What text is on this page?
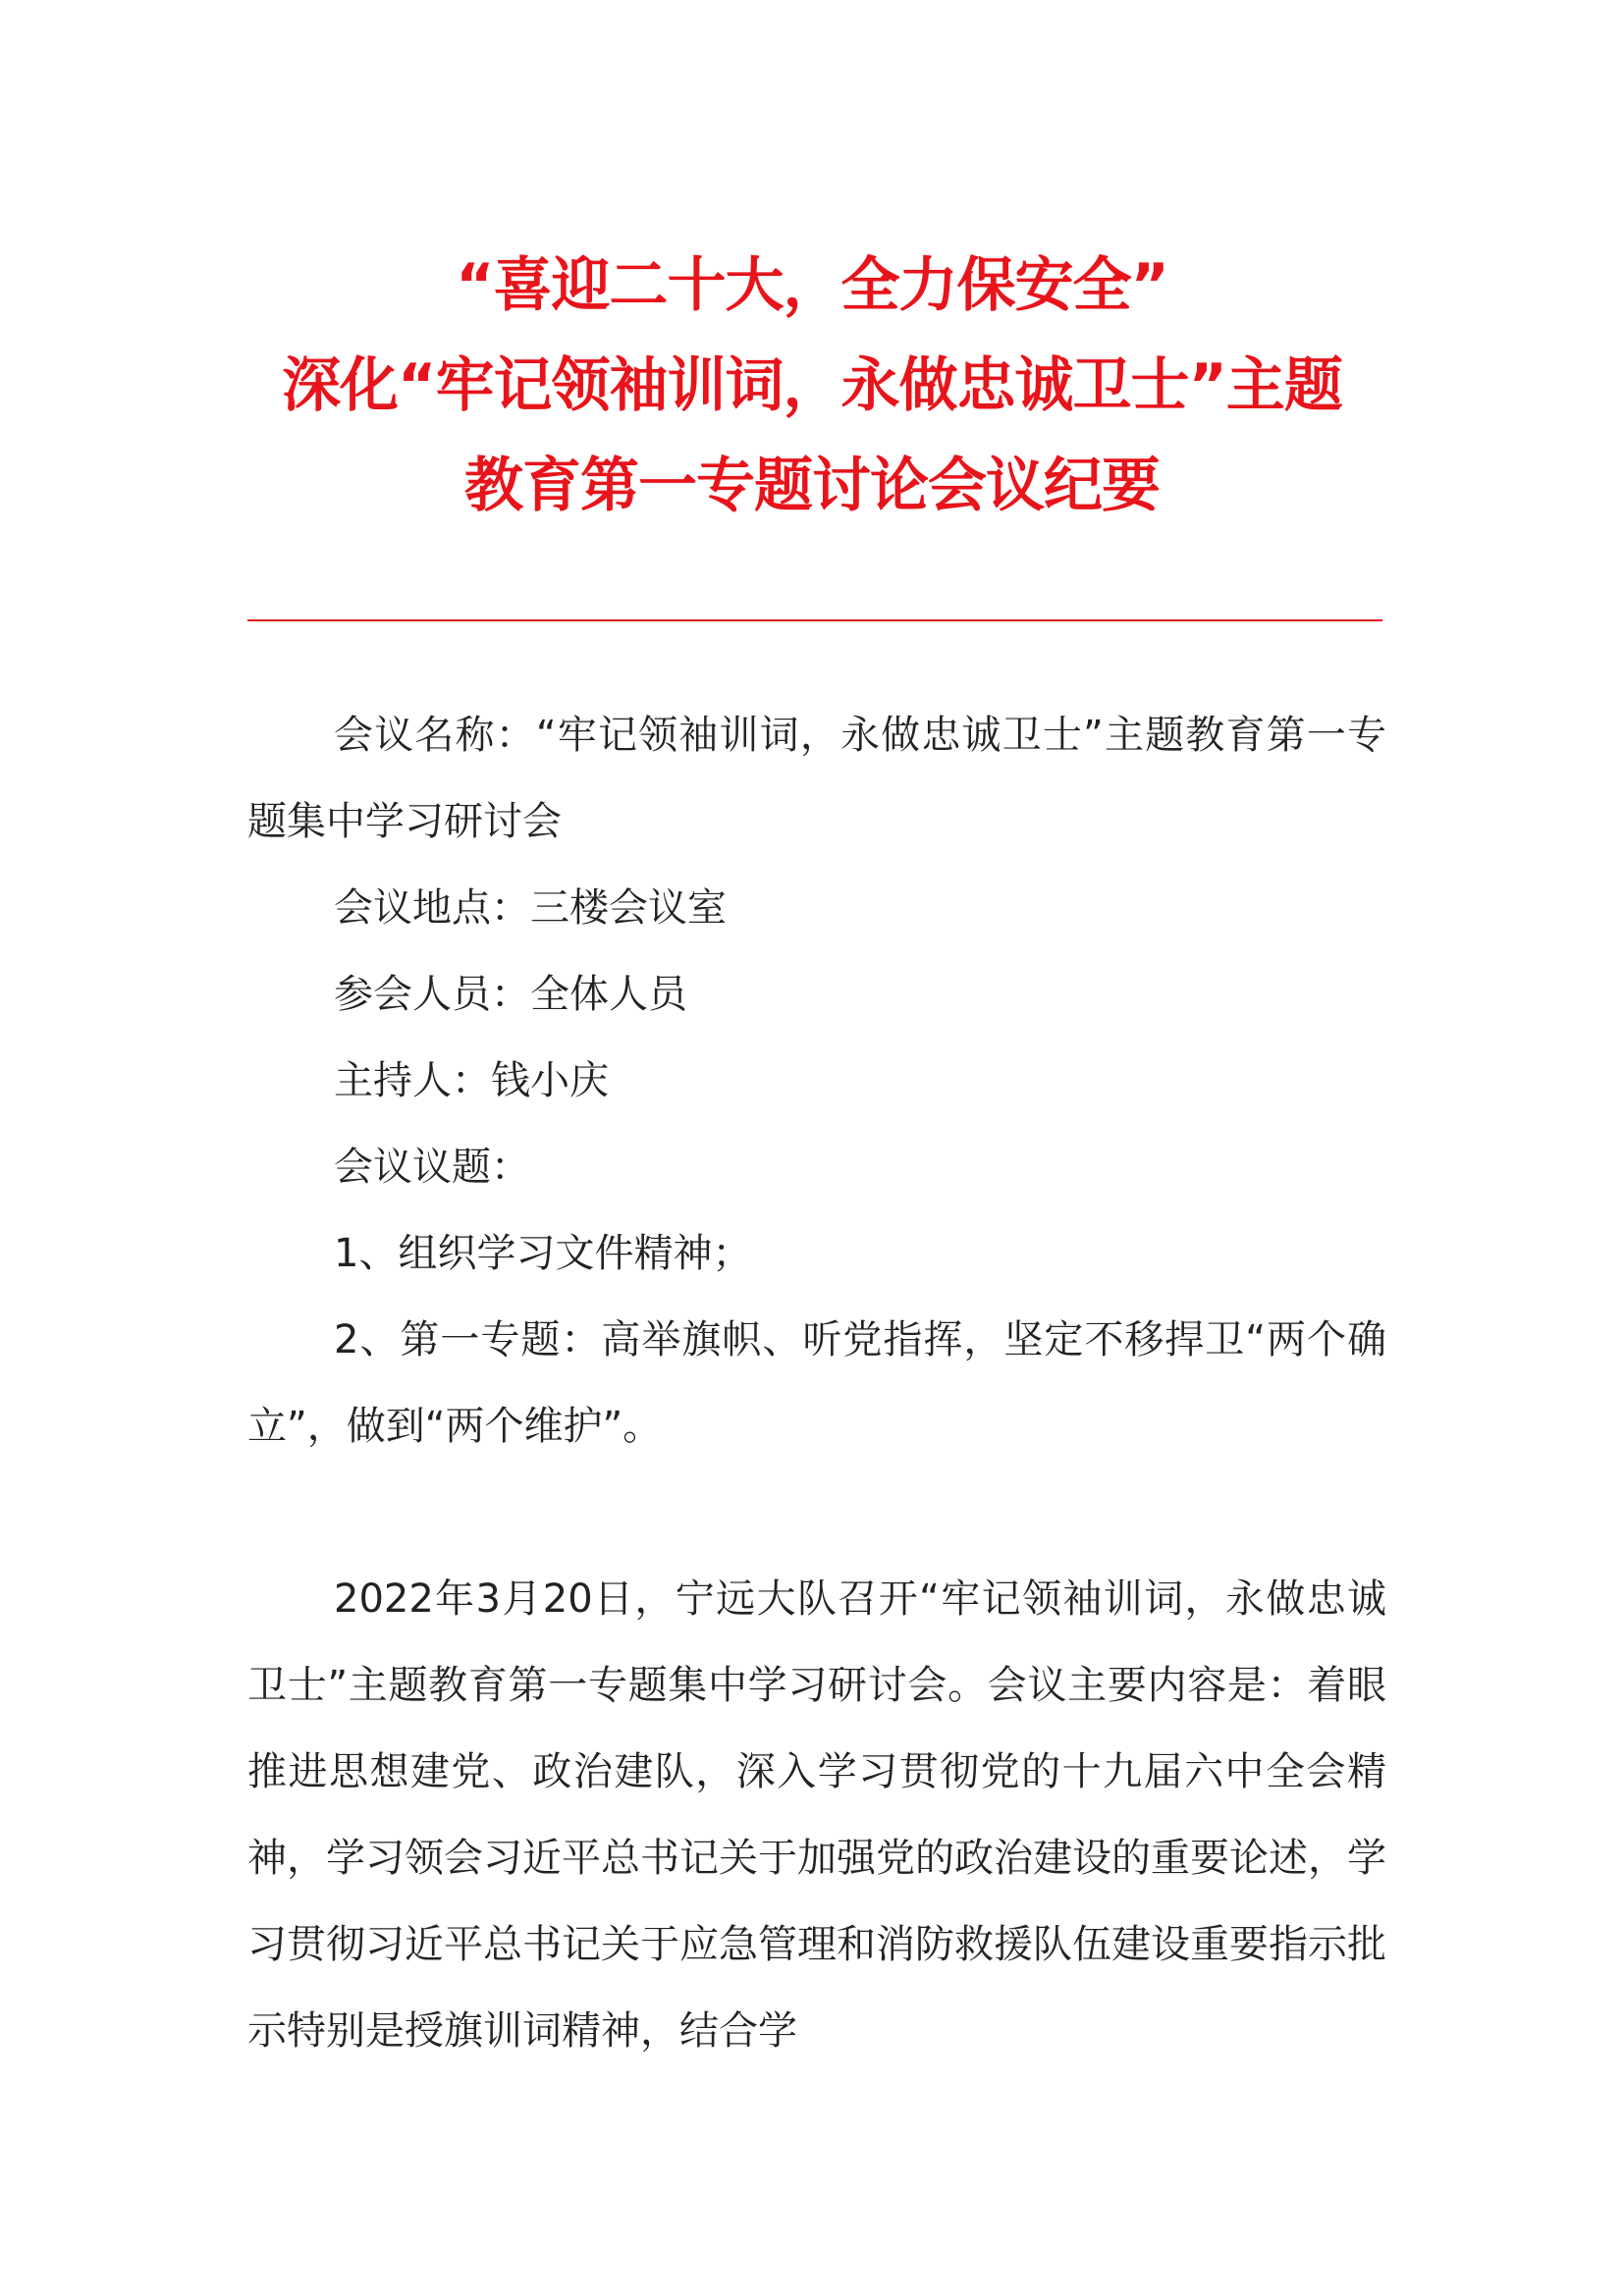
“喜迎二十大，全力保安全”
深化“牢记领袖训词，永做忠诚卫士”主题
教育第一专题讨论会议纪要

会议名称：“牢记领袖训词，永做忠诚卫士”主题教育第一专题集中学习研讨会

会议地点：三楼会议室

参会人员：全体人员

主持人：钱小庆

会议议题：

1、组织学习文件精神；

2、第一专题：高举旗帜、听党指挥，坚定不移捍卫“两个确立”，做到“两个维护”。

2022年3月20日，宁远大队召开“牢记领袖训词，永做忠诚卫士”主题教育第一专题集中学习研讨会。会议主要内容是：着眼推进思想建党、政治建队，深入学习贯彻党的十九届六中全会精神，学习领会习近平总书记关于加强党的政治建设的重要论述，学习贯彻习近平总书记关于应急管理和消防救援队伍建设重要指示批示特别是授旗训词精神，结合学
